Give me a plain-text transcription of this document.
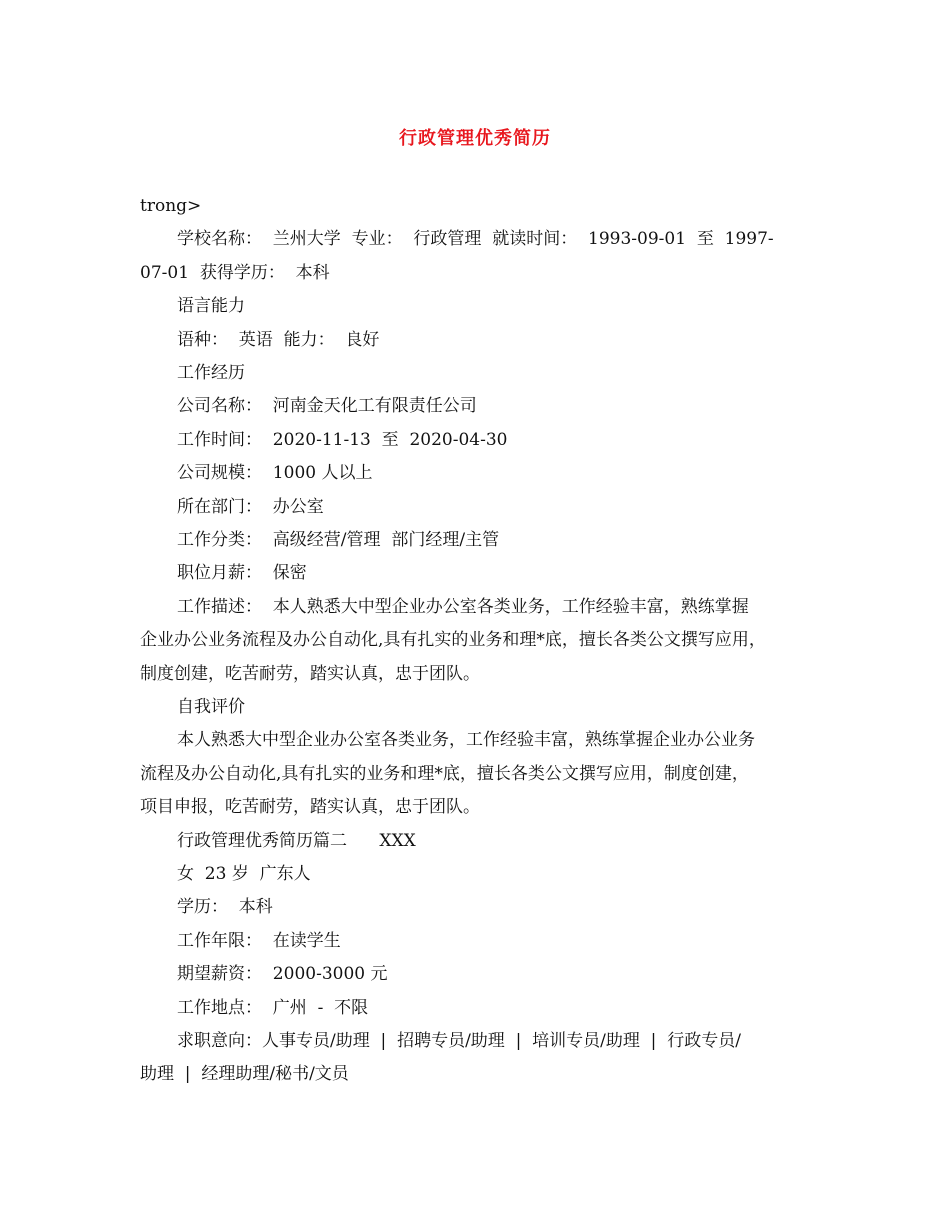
行政管理优秀简历
trong>
学校名称：  兰州大学  专业：  行政管理  就读时间：  1993-09-01  至  1997-
07-01  获得学历：  本科
语言能力
语种：  英语  能力：  良好
工作经历
公司名称：  河南金天化工有限责任公司
工作时间：  2020-11-13  至  2020-04-30
公司规模：  1000 人以上
所在部门：  办公室
工作分类：  高级经营/管理  部门经理/主管
职位月薪：  保密
工作描述：  本人熟悉大中型企业办公室各类业务，工作经验丰富，熟练掌握
企业办公业务流程及办公自动化,具有扎实的业务和理*底，擅长各类公文撰写应用，
制度创建，吃苦耐劳，踏实认真，忠于团队。
自我评价
本人熟悉大中型企业办公室各类业务，工作经验丰富，熟练掌握企业办公业务
流程及办公自动化,具有扎实的业务和理*底，擅长各类公文撰写应用，制度创建，
项目申报，吃苦耐劳，踏实认真，忠于团队。
行政管理优秀简历篇二      XXX
女  23 岁  广东人
学历：  本科
工作年限：  在读学生
期望薪资：  2000-3000 元
工作地点：  广州  -  不限
求职意向：人事专员/助理  |  招聘专员/助理  |  培训专员/助理  |  行政专员/
助理  |  经理助理/秘书/文员
